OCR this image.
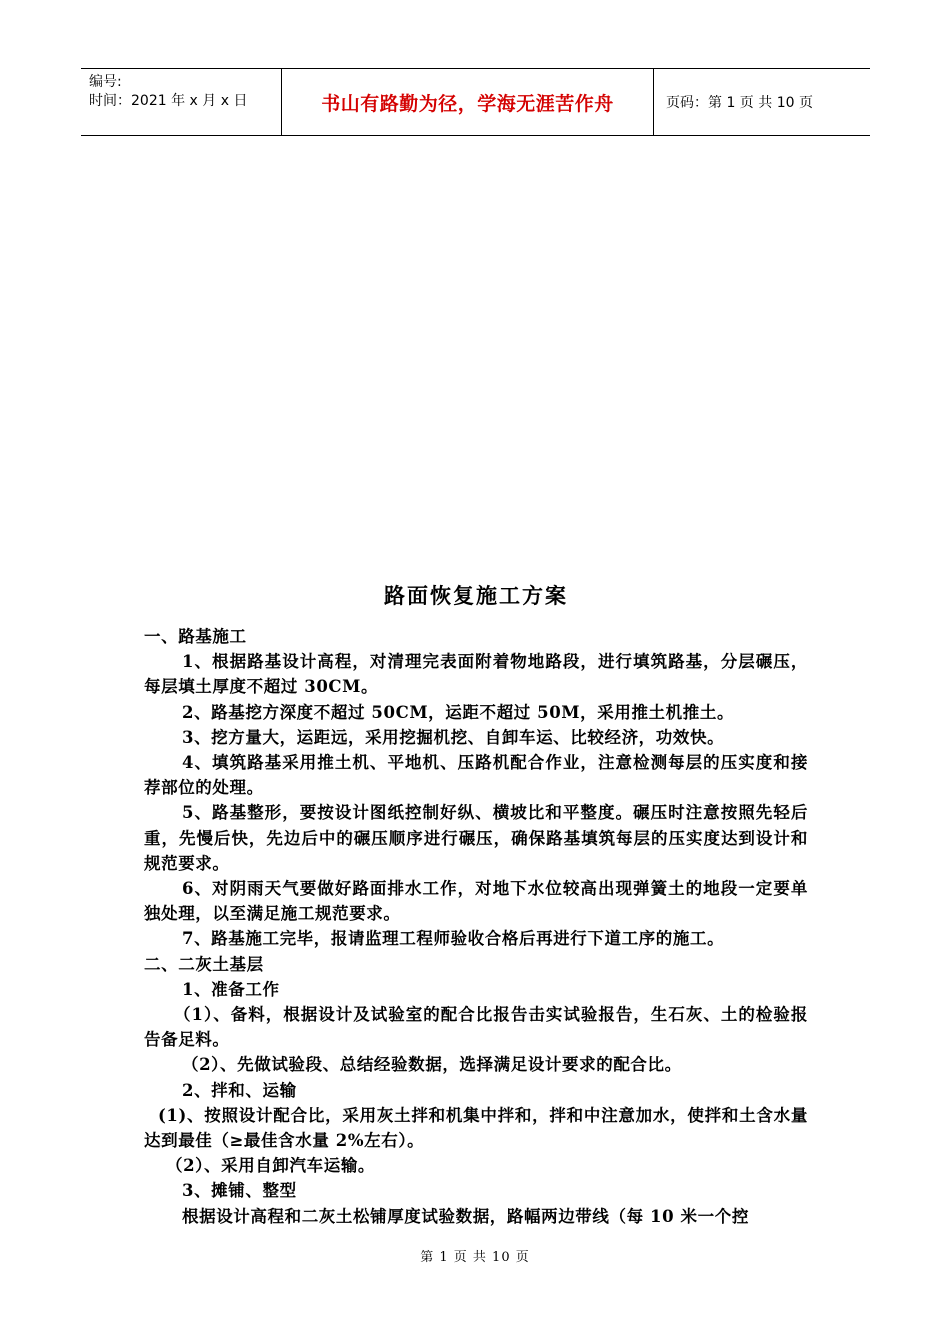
编号:
时间：2021 年 x 月 x 日	书山有路勤为径，学海无涯苦作舟	页码：第 1 页 共 10 页
路面恢复施工方案

一、路基施工

1、根据路基设计高程，对清理完表面附着物地路段，进行填筑路基，分层碾压，每层填土厚度不超过 30CM。

2、路基挖方深度不超过 50CM，运距不超过 50M，采用推土机推土。

3、挖方量大，运距远，采用挖掘机挖、自卸车运、比较经济，功效快。

4、填筑路基采用推土机、平地机、压路机配合作业，注意检测每层的压实度和接荐部位的处理。

5、路基整形，要按设计图纸控制好纵、横坡比和平整度。碾压时注意按照先轻后重，先慢后快，先边后中的碾压顺序进行碾压，确保路基填筑每层的压实度达到设计和规范要求。

6、对阴雨天气要做好路面排水工作，对地下水位较高出现弹簧土的地段一定要单独处理，以至满足施工规范要求。

7、路基施工完毕，报请监理工程师验收合格后再进行下道工序的施工。

二、二灰土基层

1、准备工作

（1）、备料，根据设计及试验室的配合比报告击实试验报告，生石灰、土的检验报告备足料。

（2）、先做试验段、总结经验数据，选择满足设计要求的配合比。

2、拌和、运输

(1)、按照设计配合比，采用灰土拌和机集中拌和，拌和中注意加水，使拌和土含水量达到最佳（≥最佳含水量 2%左右）。

（2）、采用自卸汽车运输。

3、摊铺、整型

根据设计高程和二灰土松铺厚度试验数据，路幅两边带线（每 10 米一个控

第 1 页 共 10 页
